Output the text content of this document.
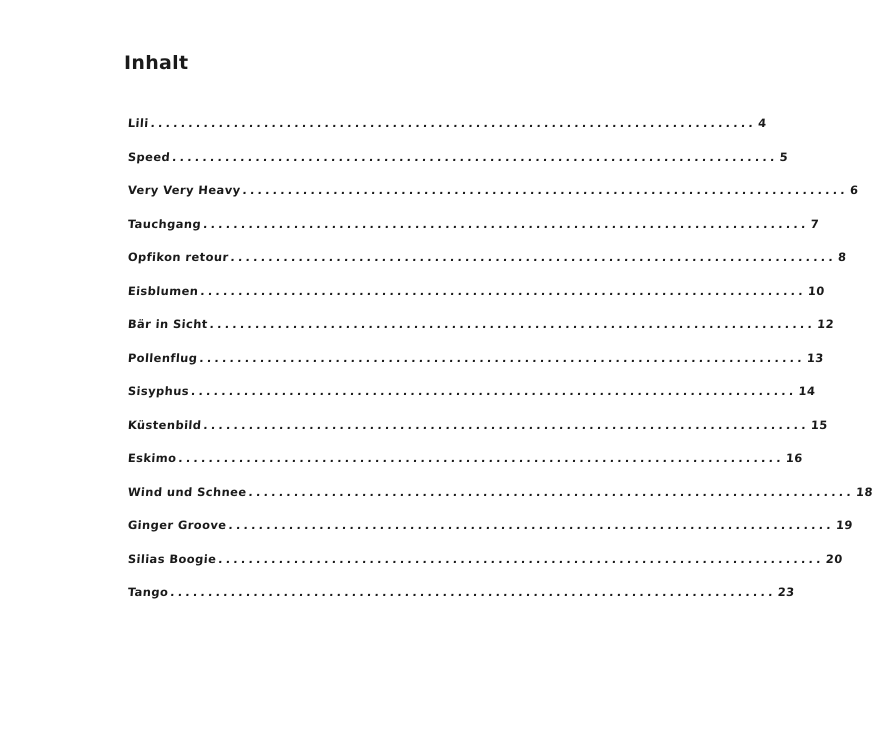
Inhalt
Lili ................................................................................ 4
Speed ................................................................................ 5
Very Very Heavy ................................................................................ 6
Tauchgang ................................................................................ 7
Opfikon retour ................................................................................ 8
Eisblumen ................................................................................ 10
Bär in Sicht ................................................................................ 12
Pollenflug ................................................................................ 13
Sisyphus ................................................................................ 14
Küstenbild ................................................................................ 15
Eskimo ................................................................................ 16
Wind und Schnee ................................................................................ 18
Ginger Groove ................................................................................ 19
Silias Boogie ................................................................................ 20
Tango ................................................................................ 23
